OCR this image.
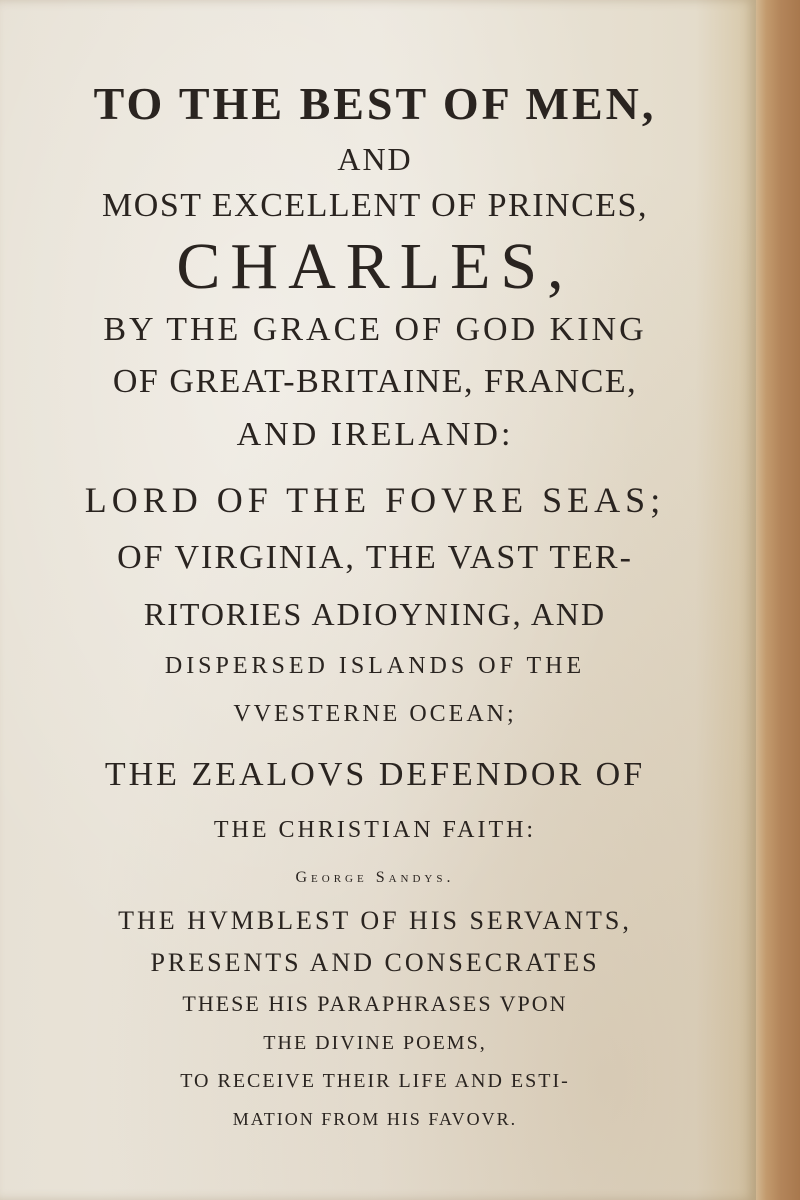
TO THE BEST OF MEN,
AND
MOST EXCELLENT OF PRINCES,
CHARLES,
BY THE GRACE OF GOD KING
OF GREAT-BRITAINE, FRANCE,
AND IRELAND:
LORD OF THE FOVRE SEAS;
OF VIRGINIA, THE VAST TER-
RITORIES ADIOYNING, AND
DISPERSED ISLANDS OF THE
VVESTERNE OCEAN;
THE ZEALOVS DEFENDOR OF
THE CHRISTIAN FAITH:
George Sandys.
THE HVMBLEST OF HIS SERVANTS,
PRESENTS AND CONSECRATES
THESE HIS PARAPHRASES VPON
THE DIVINE POEMS,
TO RECEIVE THEIR LIFE AND ESTI-
MATION FROM HIS FAVOVR.
